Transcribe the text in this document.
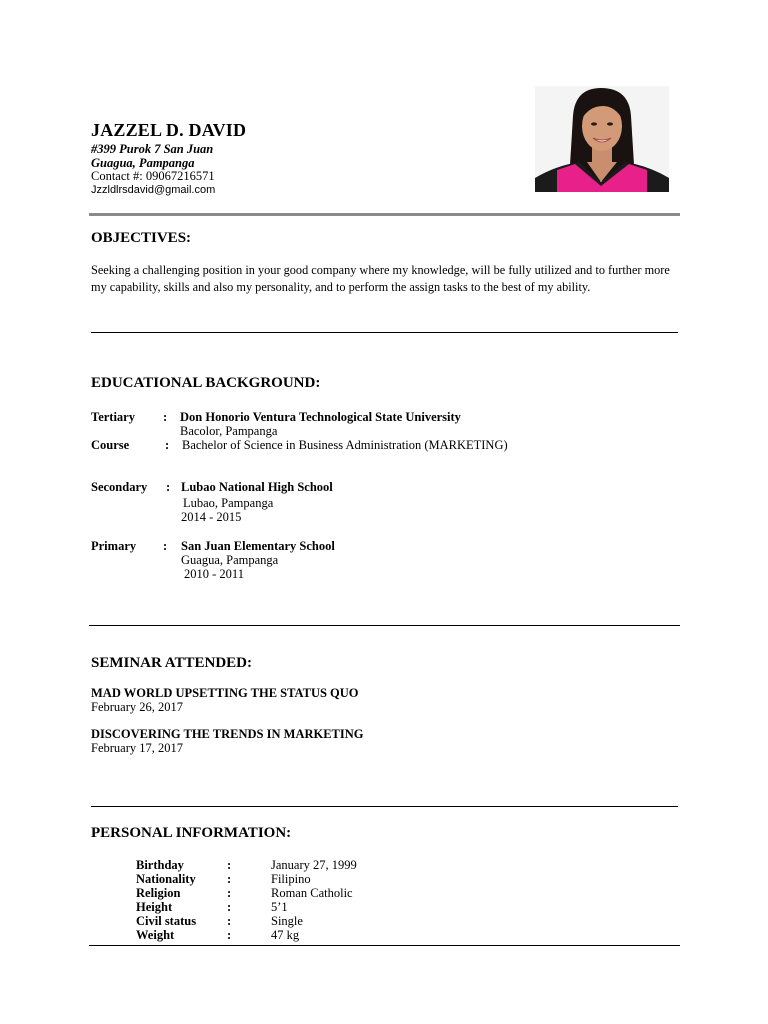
JAZZEL D. DAVID
#399 Purok 7 San Juan
Guagua, Pampanga
Contact #: 09067216571
Jzzldlrsdavid@gmail.com
OBJECTIVES:
Seeking a challenging position in your good company where my knowledge, will be fully utilized and to further more my capability, skills and also my personality, and to perform the assign tasks to the best of my ability.
EDUCATIONAL BACKGROUND:
Tertiary : Don Honorio Ventura Technological State University
Bacolor, Pampanga
Course	: Bachelor of Science in Business Administration (MARKETING)
Secondary : Lubao National High School
Lubao, Pampanga
2014 - 2015
Primary : San Juan Elementary School
Guagua, Pampanga
2010 - 2011
SEMINAR ATTENDED:
MAD WORLD UPSETTING THE STATUS QUO
February 26, 2017
DISCOVERING THE TRENDS IN MARKETING
February 17, 2017
PERSONAL INFORMATION:
Birthday	:	January 27, 1999
Nationality	:	Filipino
Religion	:	Roman Catholic
Height	:	5’1
Civil status :	Single
Weight	:	47 kg
